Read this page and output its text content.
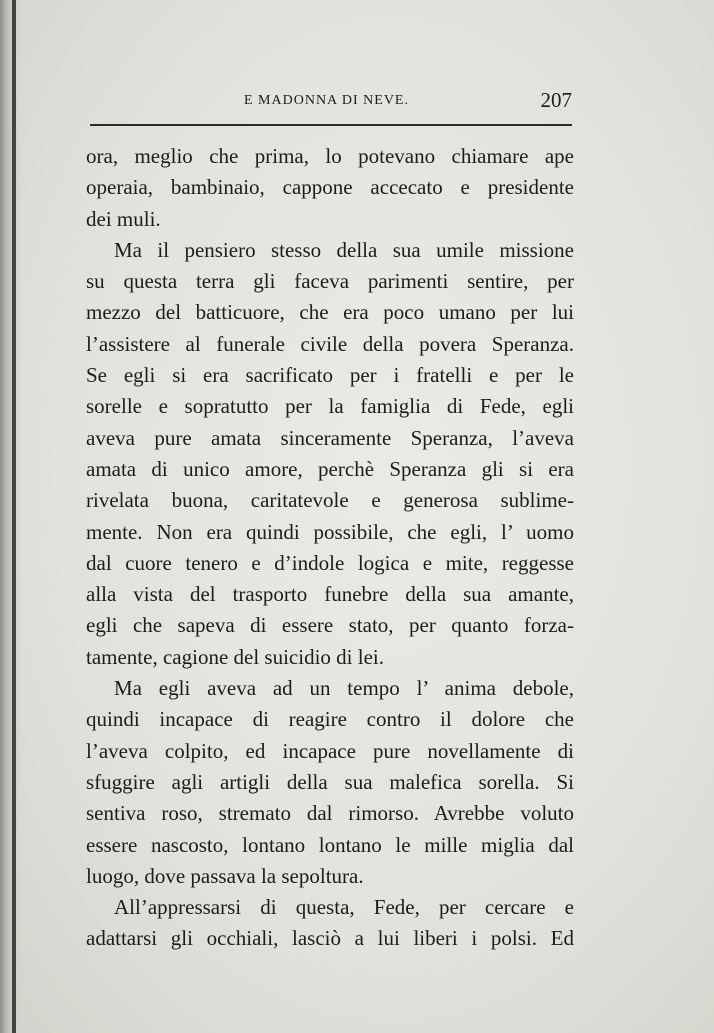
E MADONNA DI NEVE.	207
ora, meglio che prima, lo potevano chiamare ape
operaia, bambinaio, cappone accecato e presidente
dei muli.
Ma il pensiero stesso della sua umile missione
su questa terra gli faceva parimenti sentire, per
mezzo del batticuore, che era poco umano per lui
l’assistere al funerale civile della povera Speranza.
Se egli si era sacrificato per i fratelli e per le
sorelle e sopratutto per la famiglia di Fede, egli
aveva pure amata sinceramente Speranza, l’aveva
amata di unico amore, perchè Speranza gli si era
rivelata buona, caritatevole e generosa sublime-
mente. Non era quindi possibile, che egli, l’ uomo
dal cuore tenero e d’indole logica e mite, reggesse
alla vista del trasporto funebre della sua amante,
egli che sapeva di essere stato, per quanto forza-
tamente, cagione del suicidio di lei.
Ma egli aveva ad un tempo l’ anima debole,
quindi incapace di reagire contro il dolore che
l’aveva colpito, ed incapace pure novellamente di
sfuggire agli artigli della sua malefica sorella. Si
sentiva roso, stremato dal rimorso. Avrebbe voluto
essere nascosto, lontano lontano le mille miglia dal
luogo, dove passava la sepoltura.
All’appressarsi di questa, Fede, per cercare e
adattarsi gli occhiali, lasciò a lui liberi i polsi. Ed
